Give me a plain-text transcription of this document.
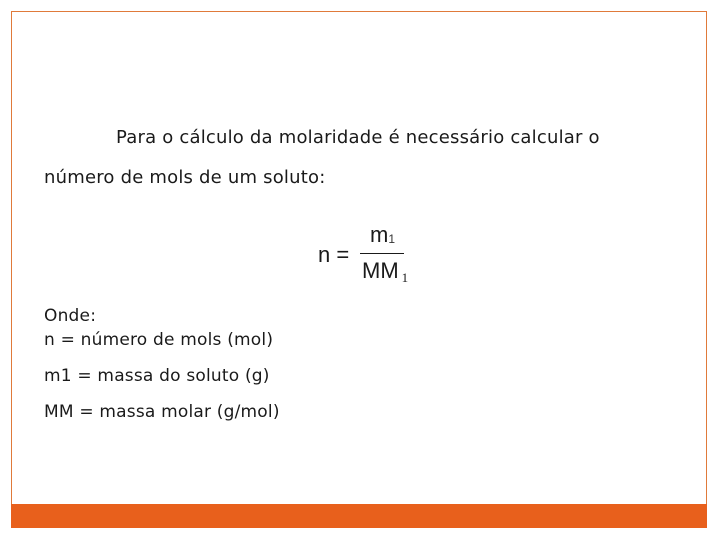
Para o cálculo da molaridade é necessário calcular o
número de mols de um soluto:
n =
$m_1$
MM $_1$
Onde:
n = número de mols (mol)
m1 = massa do soluto (g)
MM = massa molar (g/mol)
